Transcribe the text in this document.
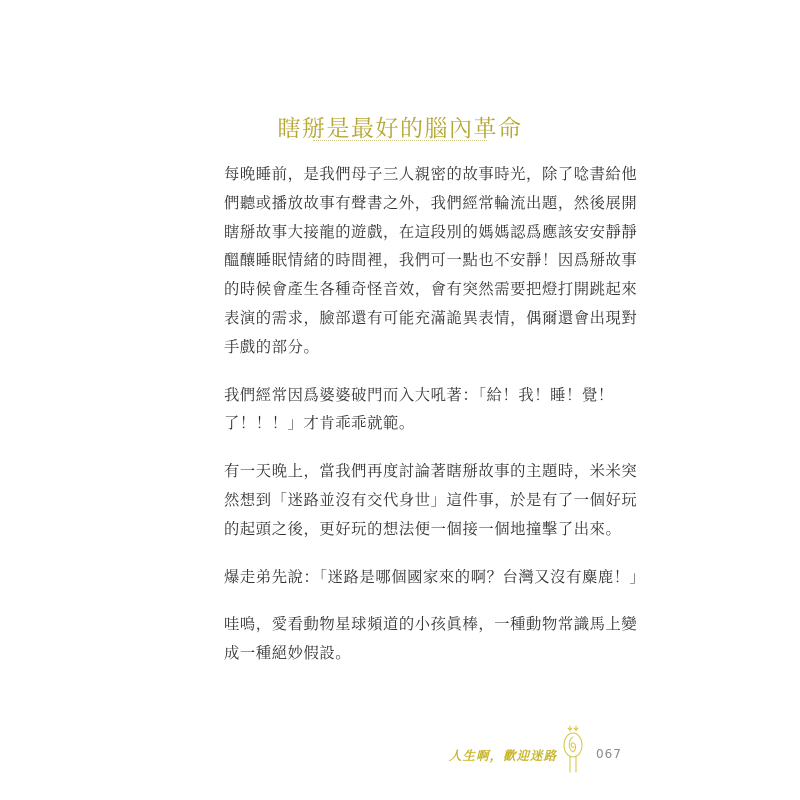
瞎掰是最好的腦內革命

每晚睡前，是我們母子三人親密的故事時光，除了唸書給他
們聽或播放故事有聲書之外，我們經常輪流出題，然後展開
瞎掰故事大接龍的遊戲，在這段別的媽媽認爲應該安安靜靜
醞釀睡眠情緒的時間裡，我們可一點也不安靜！因爲掰故事
的時候會產生各種奇怪音效，會有突然需要把燈打開跳起來
表演的需求，臉部還有可能充滿詭異表情，偶爾還會出現對
手戲的部分。

我們經常因爲婆婆破門而入大吼著：「給！我！睡！覺！
了！！！」才肯乖乖就範。

有一天晚上，當我們再度討論著瞎掰故事的主題時，米米突
然想到「迷路並沒有交代身世」這件事，於是有了一個好玩
的起頭之後，更好玩的想法便一個接一個地撞擊了出來。

爆走弟先說：「迷路是哪個國家來的啊？台灣又沒有麋鹿！」

哇嗚，愛看動物星球頻道的小孩眞棒，一種動物常識馬上變
成一種絕妙假設。

人生啊，歡迎迷路	067
